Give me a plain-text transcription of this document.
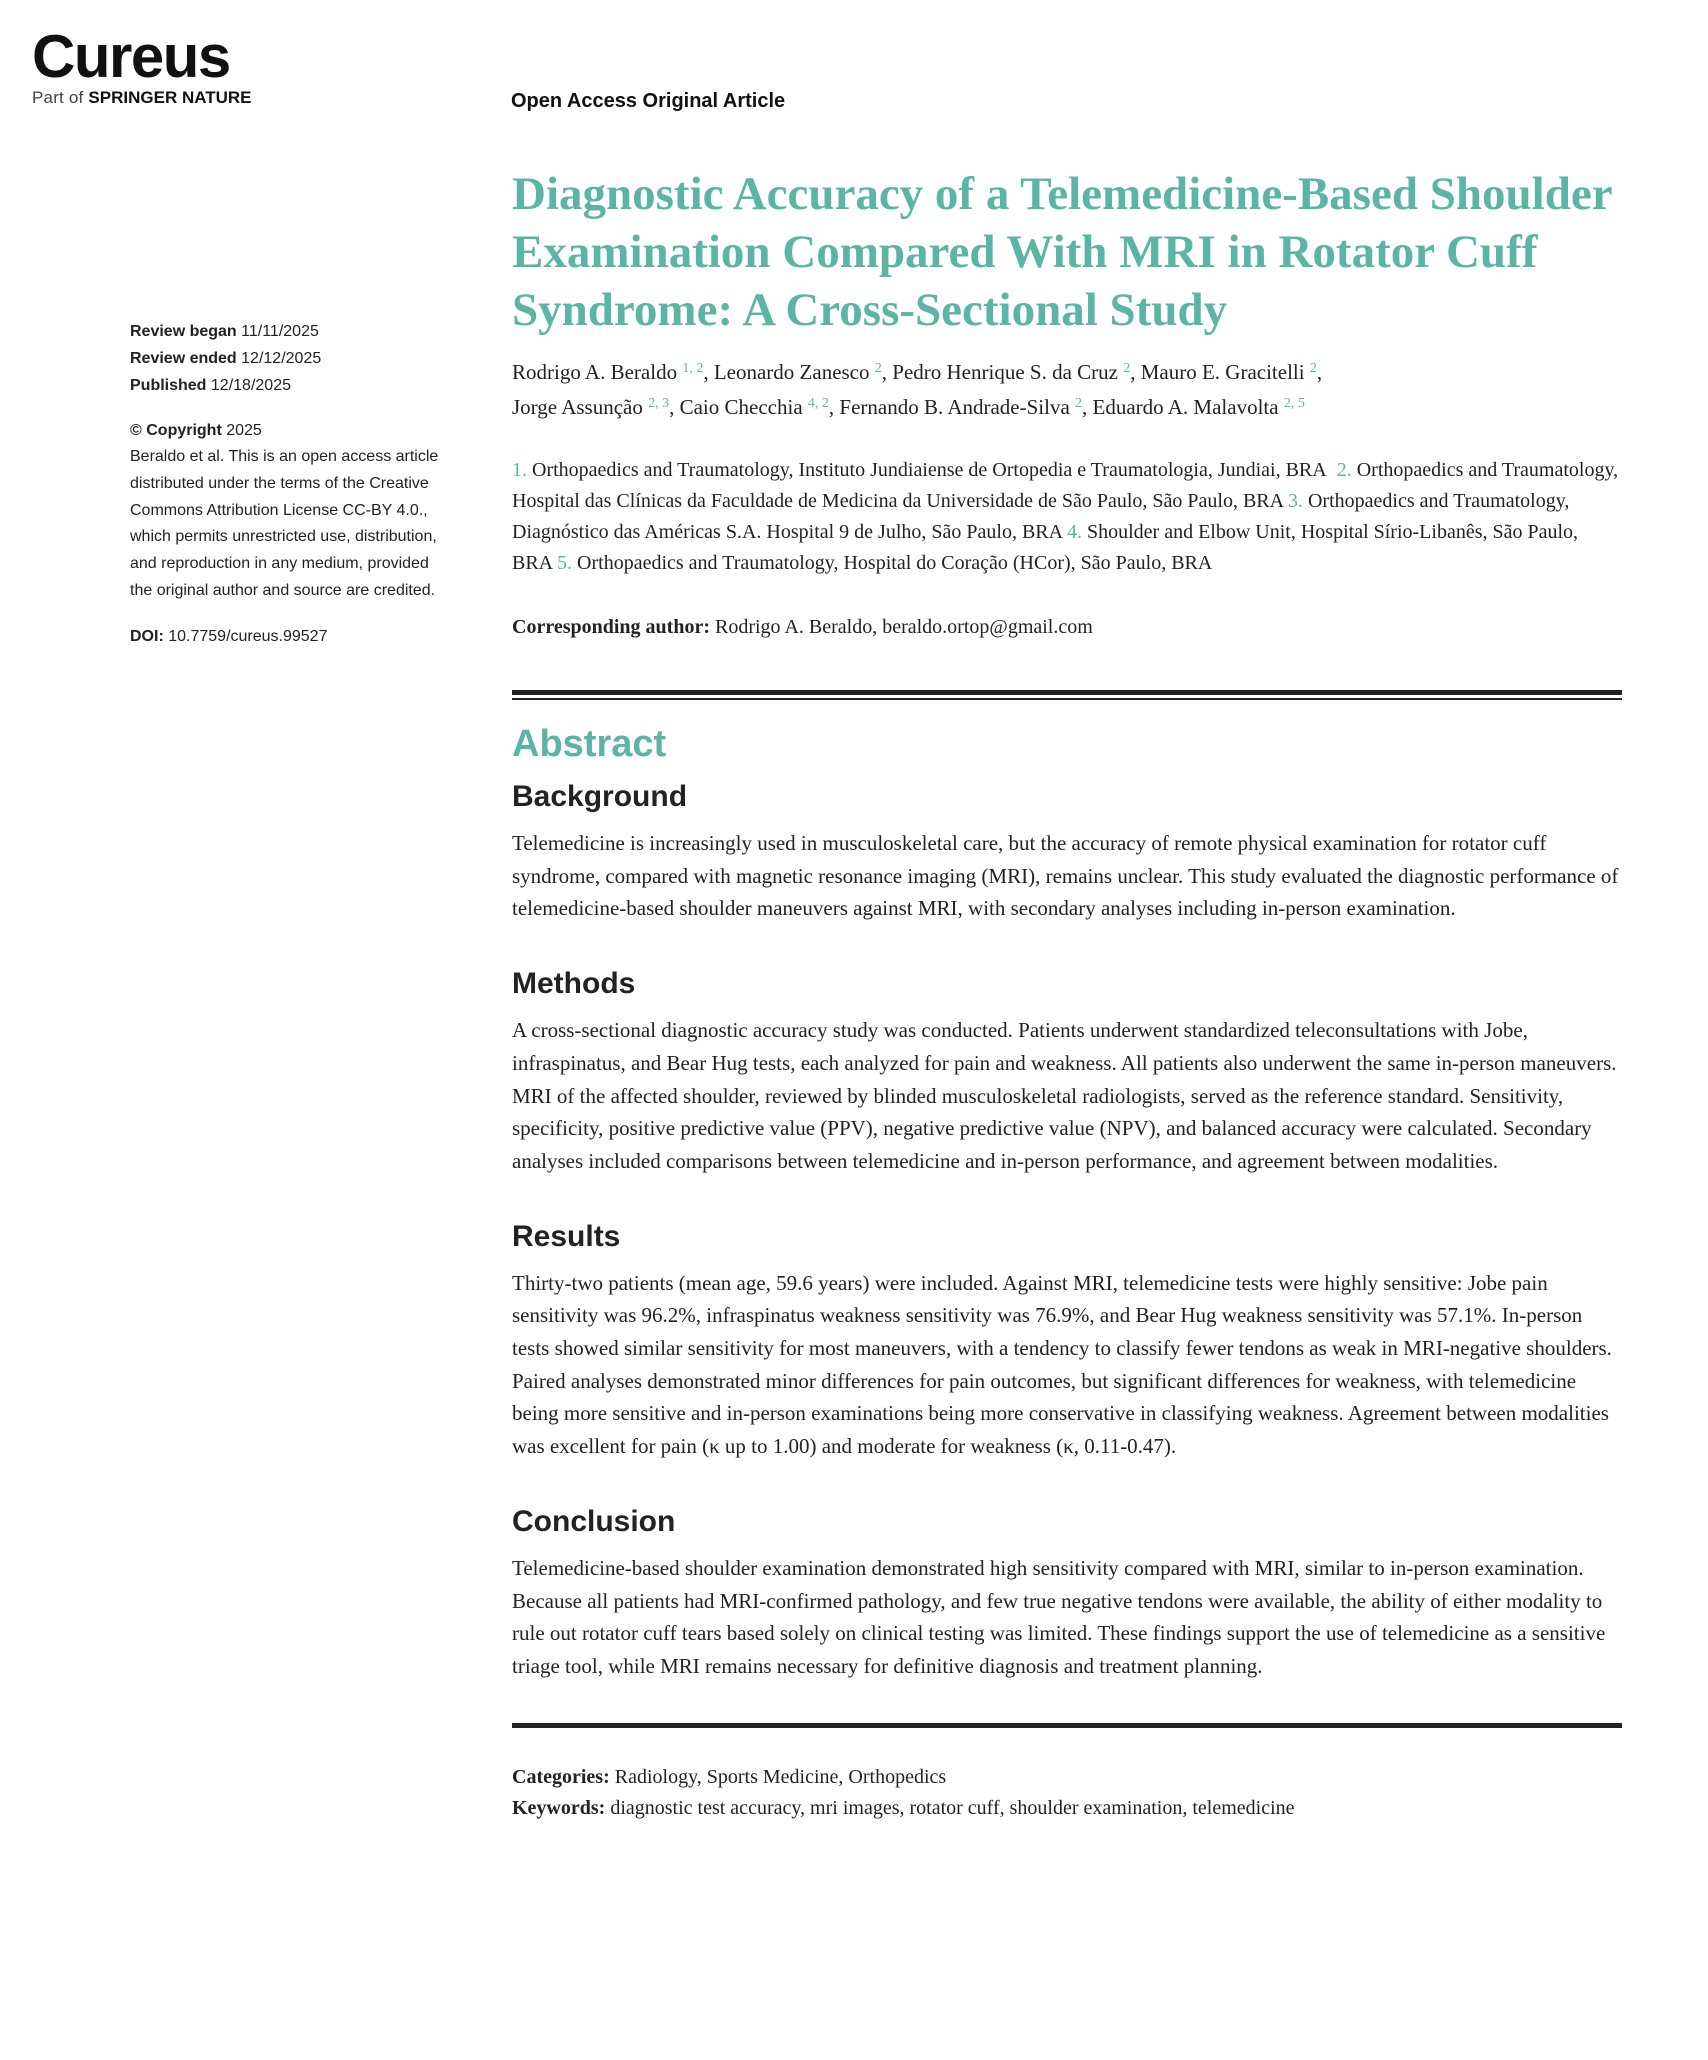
Cureus
Part of SPRINGER NATURE	Open Access Original Article
Review began 11/11/2025
Review ended 12/12/2025
Published 12/18/2025
© Copyright 2025
Beraldo et al. This is an open access article
distributed under the terms of the Creative
Commons Attribution License CC-BY 4.0.,
which permits unrestricted use, distribution,
and reproduction in any medium, provided
the original author and source are credited.
DOI: 10.7759/cureus.99527
Diagnostic Accuracy of a Telemedicine-Based Shoulder Examination Compared With MRI in Rotator Cuff Syndrome: A Cross-Sectional Study
Rodrigo A. Beraldo $^{1, 2}$, Leonardo Zanesco $^2$, Pedro Henrique S. da Cruz $^2$, Mauro E. Gracitelli $^2$,
Jorge Assunção $^{2, 3}$, Caio Checchia $^{4, 2}$, Fernando B. Andrade-Silva $^2$, Eduardo A. Malavolta $^{2, 5}$
1. Orthopaedics and Traumatology, Instituto Jundiaiense de Ortopedia e Traumatologia, Jundiai, BRA 2. Orthopaedics and Traumatology, Hospital das Clínicas da Faculdade de Medicina da Universidade de São Paulo, São Paulo, BRA 3. Orthopaedics and Traumatology, Diagnóstico das Américas S.A. Hospital 9 de Julho, São Paulo, BRA 4. Shoulder and Elbow Unit, Hospital Sírio-Libanês, São Paulo, BRA 5. Orthopaedics and Traumatology, Hospital do Coração (HCor), São Paulo, BRA
Corresponding author: Rodrigo A. Beraldo, beraldo.ortop@gmail.com
Abstract
Background

Telemedicine is increasingly used in musculoskeletal care, but the accuracy of remote physical examination for rotator cuff syndrome, compared with magnetic resonance imaging (MRI), remains unclear. This study evaluated the diagnostic performance of telemedicine-based shoulder maneuvers against MRI, with secondary analyses including in-person examination.

Methods

A cross-sectional diagnostic accuracy study was conducted. Patients underwent standardized teleconsultations with Jobe, infraspinatus, and Bear Hug tests, each analyzed for pain and weakness. All patients also underwent the same in-person maneuvers. MRI of the affected shoulder, reviewed by blinded musculoskeletal radiologists, served as the reference standard. Sensitivity, specificity, positive predictive value (PPV), negative predictive value (NPV), and balanced accuracy were calculated. Secondary analyses included comparisons between telemedicine and in-person performance, and agreement between modalities.

Results

Thirty-two patients (mean age, 59.6 years) were included. Against MRI, telemedicine tests were highly sensitive: Jobe pain sensitivity was 96.2%, infraspinatus weakness sensitivity was 76.9%, and Bear Hug weakness sensitivity was 57.1%. In-person tests showed similar sensitivity for most maneuvers, with a tendency to classify fewer tendons as weak in MRI-negative shoulders. Paired analyses demonstrated minor differences for pain outcomes, but significant differences for weakness, with telemedicine being more sensitive and in-person examinations being more conservative in classifying weakness. Agreement between modalities was excellent for pain (κ up to 1.00) and moderate for weakness (κ, 0.11-0.47).

Conclusion

Telemedicine-based shoulder examination demonstrated high sensitivity compared with MRI, similar to in-person examination. Because all patients had MRI-confirmed pathology, and few true negative tendons were available, the ability of either modality to rule out rotator cuff tears based solely on clinical testing was limited. These findings support the use of telemedicine as a sensitive triage tool, while MRI remains necessary for definitive diagnosis and treatment planning.

Categories: Radiology, Sports Medicine, Orthopedics
Keywords: diagnostic test accuracy, mri images, rotator cuff, shoulder examination, telemedicine
